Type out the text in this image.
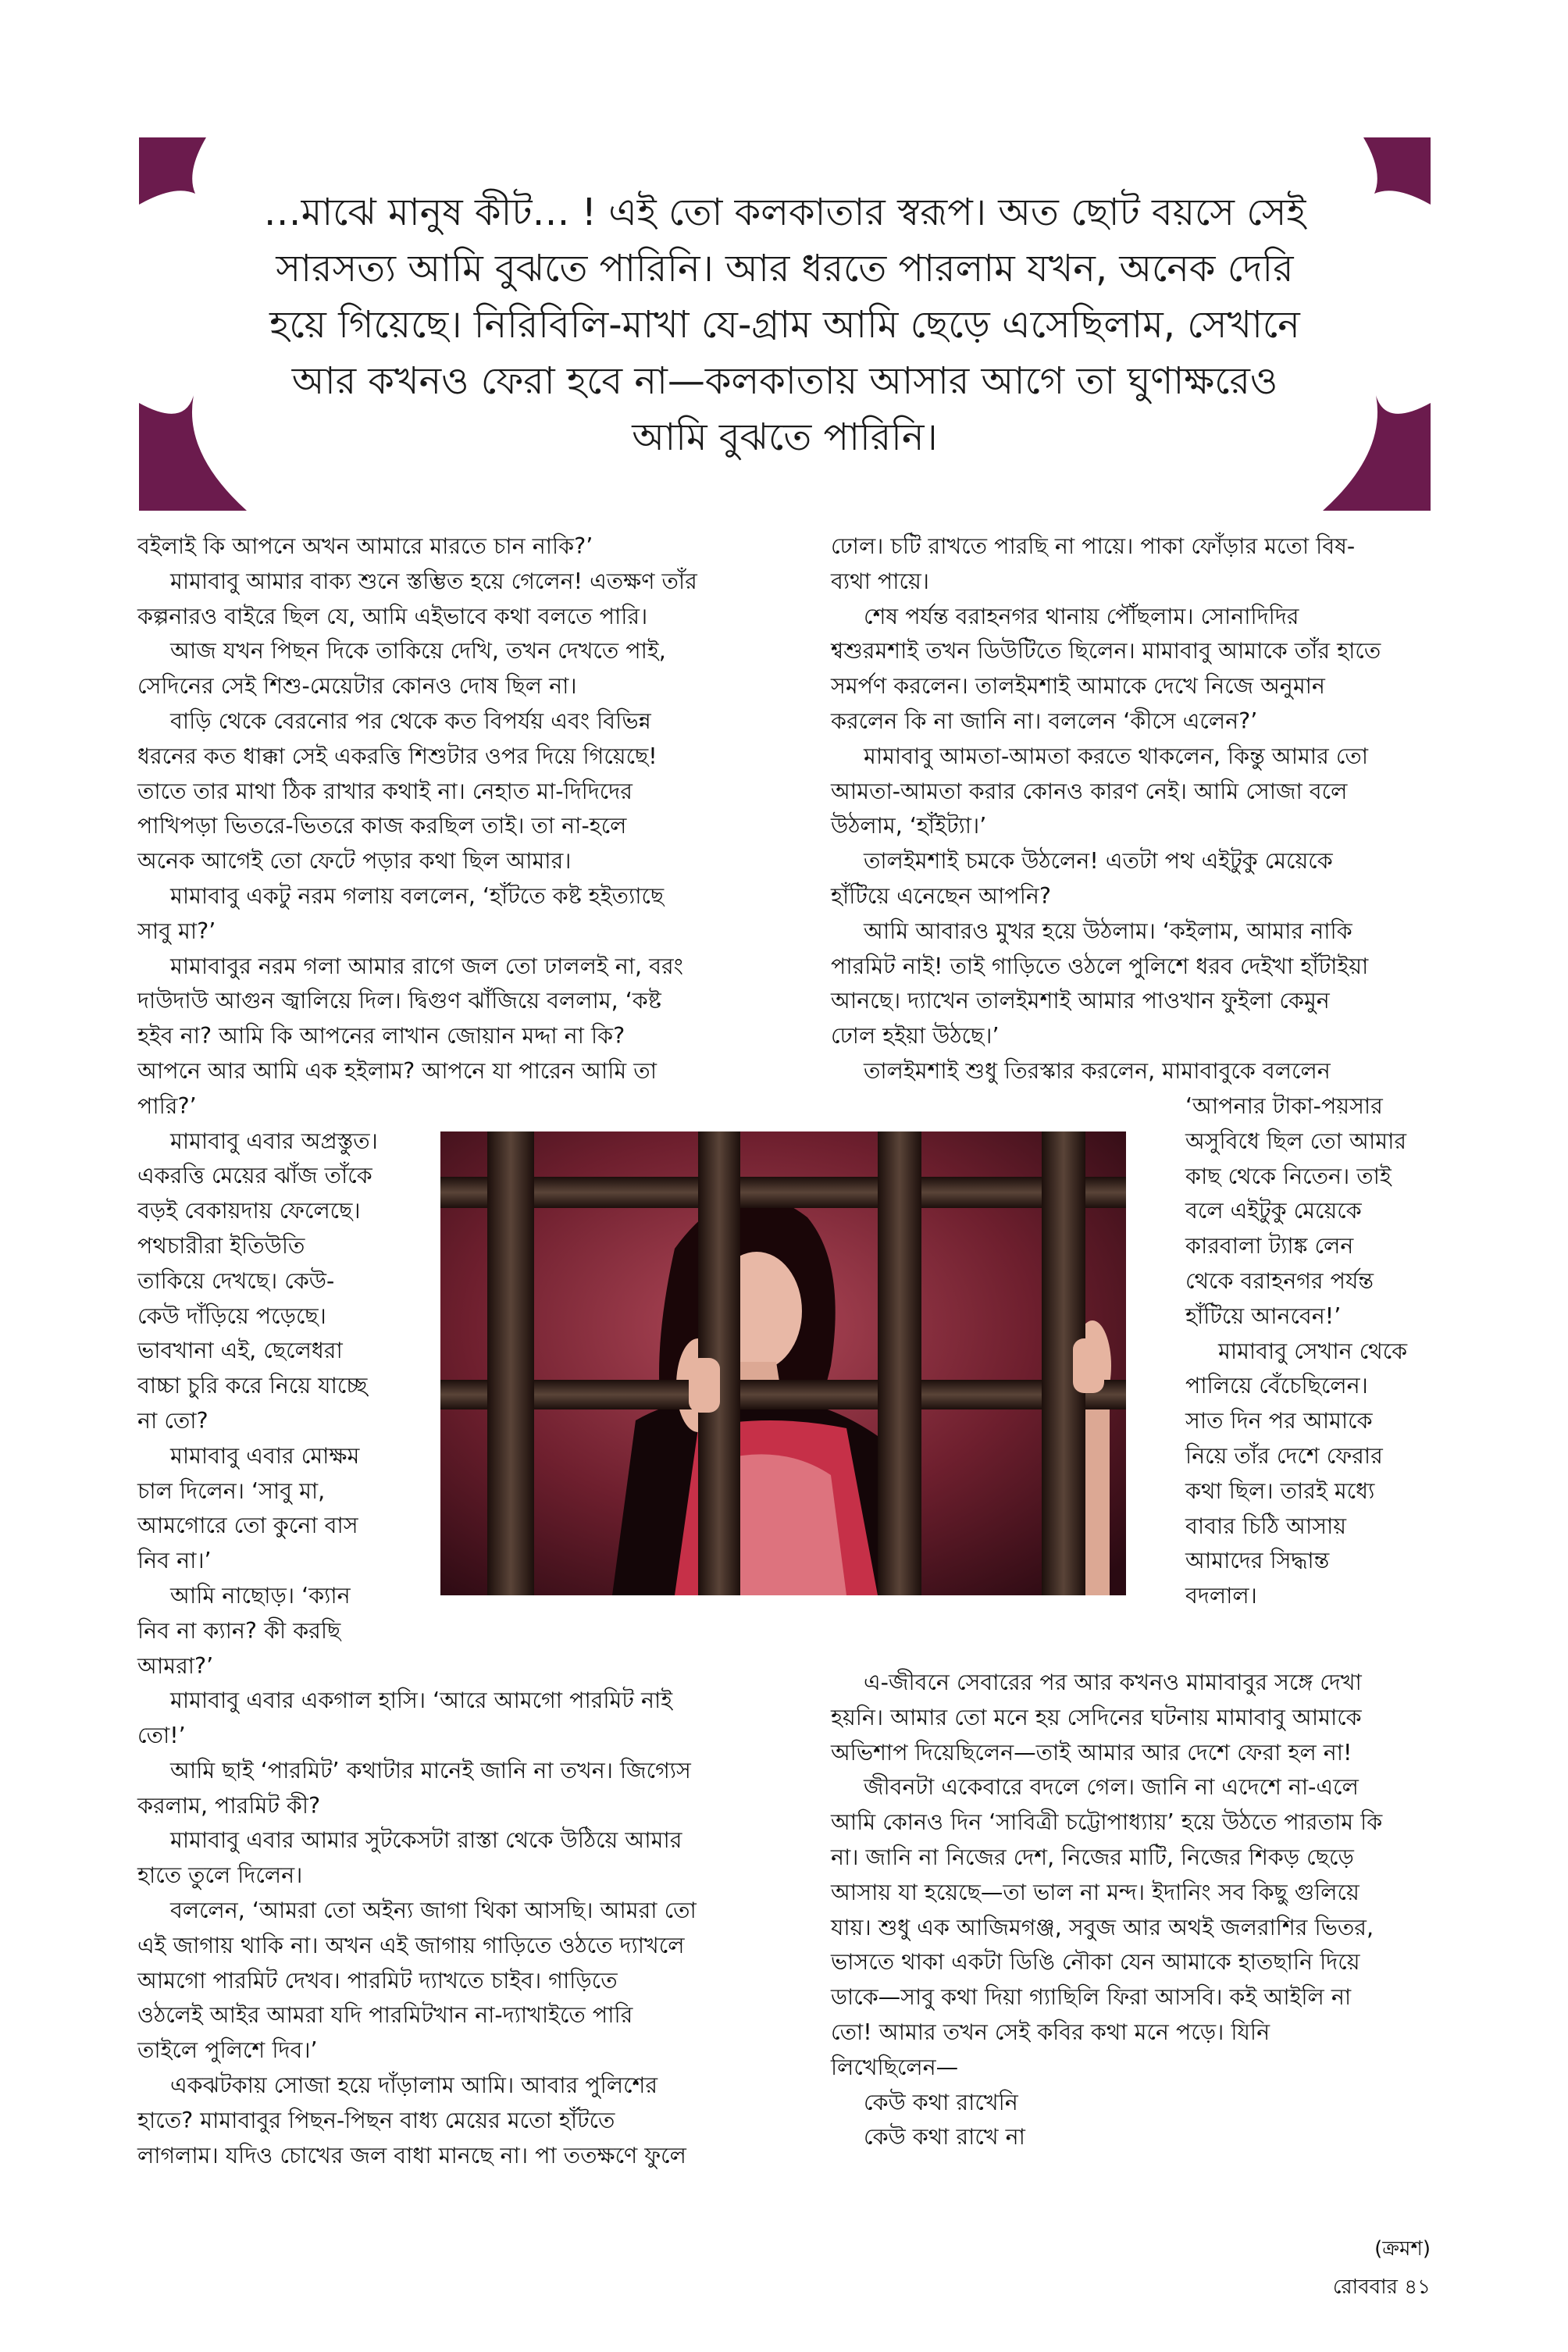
…মাঝে মানুষ কীট… ! এই তো কলকাতার স্বরূপ। অত ছোট বয়সে সেই
সারসত্য আমি বুঝতে পারিনি। আর ধরতে পারলাম যখন, অনেক দেরি
হয়ে গিয়েছে। নিরিবিলি-মাখা যে-গ্রাম আমি ছেড়ে এসেছিলাম, সেখানে
আর কখনও ফেরা হবে না—কলকাতায় আসার আগে তা ঘুণাক্ষরেও
আমি বুঝতে পারিনি।

বইলাই কি আপনে অখন আমারে মারতে চান নাকি?’

মামাবাবু আমার বাক্য শুনে স্তম্ভিত হয়ে গেলেন! এতক্ষণ তাঁর

কল্পনারও বাইরে ছিল যে, আমি এইভাবে কথা বলতে পারি।

আজ যখন পিছন দিকে তাকিয়ে দেখি, তখন দেখতে পাই,

সেদিনের সেই শিশু-মেয়েটার কোনও দোষ ছিল না।

বাড়ি থেকে বেরনোর পর থেকে কত বিপর্যয় এবং বিভিন্ন

ধরনের কত ধাক্কা সেই একরত্তি শিশুটার ওপর দিয়ে গিয়েছে!

তাতে তার মাথা ঠিক রাখার কথাই না। নেহাত মা-দিদিদের

পাখিপড়া ভিতরে-ভিতরে কাজ করছিল তাই। তা না-হলে

অনেক আগেই তো ফেটে পড়ার কথা ছিল আমার।

মামাবাবু একটু নরম গলায় বললেন, ‘হাঁটতে কষ্ট হইত্যাছে

সাবু মা?’

মামাবাবুর নরম গলা আমার রাগে জল তো ঢাললই না, বরং

দাউদাউ আগুন জ্বালিয়ে দিল। দ্বিগুণ ঝাঁজিয়ে বললাম, ‘কষ্ট

হইব না? আমি কি আপনের লাখান জোয়ান মদ্দা না কি?

আপনে আর আমি এক হইলাম? আপনে যা পারেন আমি তা

পারি?’

মামাবাবু এবার অপ্রস্তুত।

একরত্তি মেয়ের ঝাঁজ তাঁকে

বড়ই বেকায়দায় ফেলেছে।

পথচারীরা ইতিউতি

তাকিয়ে দেখছে। কেউ-

কেউ দাঁড়িয়ে পড়েছে।

ভাবখানা এই, ছেলেধরা

বাচ্চা চুরি করে নিয়ে যাচ্ছে

না তো?

মামাবাবু এবার মোক্ষম

চাল দিলেন। ‘সাবু মা,

আমগোরে তো কুনো বাস

নিব না।’

আমি নাছোড়। ‘ক্যান

নিব না ক্যান? কী করছি

আমরা?’

মামাবাবু এবার একগাল হাসি। ‘আরে আমগো পারমিট নাই

তো!’

আমি ছাই ‘পারমিট’ কথাটার মানেই জানি না তখন। জিগ্যেস

করলাম, পারমিট কী?

মামাবাবু এবার আমার সুটকেসটা রাস্তা থেকে উঠিয়ে আমার

হাতে তুলে দিলেন।

বললেন, ‘আমরা তো অইন্য জাগা থিকা আসছি। আমরা তো

এই জাগায় থাকি না। অখন এই জাগায় গাড়িতে ওঠতে দ্যাখলে

আমগো পারমিট দেখব। পারমিট দ্যাখতে চাইব। গাড়িতে

ওঠলেই আইর আমরা যদি পারমিটখান না-দ্যাখাইতে পারি

তাইলে পুলিশে দিব।’

একঝটকায় সোজা হয়ে দাঁড়ালাম আমি। আবার পুলিশের

হাতে? মামাবাবুর পিছন-পিছন বাধ্য মেয়ের মতো হাঁটতে

লাগলাম। যদিও চোখের জল বাধা মানছে না। পা ততক্ষণে ফুলে

ঢোল। চটি রাখতে পারছি না পায়ে। পাকা ফোঁড়ার মতো বিষ-

ব্যথা পায়ে।

শেষ পর্যন্ত বরাহনগর থানায় পৌঁছলাম। সোনাদিদির

শ্বশুরমশাই তখন ডিউটিতে ছিলেন। মামাবাবু আমাকে তাঁর হাতে

সমর্পণ করলেন। তালইমশাই আমাকে দেখে নিজে অনুমান

করলেন কি না জানি না। বললেন ‘কীসে এলেন?’

মামাবাবু আমতা-আমতা করতে থাকলেন, কিন্তু আমার তো

আমতা-আমতা করার কোনও কারণ নেই। আমি সোজা বলে

উঠলাম, ‘হাঁইট্যা।’

তালইমশাই চমকে উঠলেন! এতটা পথ এইটুকু মেয়েকে

হাঁটিয়ে এনেছেন আপনি?

আমি আবারও মুখর হয়ে উঠলাম। ‘কইলাম, আমার নাকি

পারমিট নাই! তাই গাড়িতে ওঠলে পুলিশে ধরব দেইখা হাঁটাইয়া

আনছে। দ্যাখেন তালইমশাই আমার পাওখান ফুইলা কেমুন

ঢোল হইয়া উঠছে।’

তালইমশাই শুধু তিরস্কার করলেন, মামাবাবুকে বললেন

‘আপনার টাকা-পয়সার

অসুবিধে ছিল তো আমার

কাছ থেকে নিতেন। তাই

বলে এইটুকু মেয়েকে

কারবালা ট্যাঙ্ক লেন

থেকে বরাহনগর পর্যন্ত

হাঁটিয়ে আনবেন!’

মামাবাবু সেখান থেকে

পালিয়ে বেঁচেছিলেন।

সাত দিন পর আমাকে

নিয়ে তাঁর দেশে ফেরার

কথা ছিল। তারই মধ্যে

বাবার চিঠি আসায়

আমাদের সিদ্ধান্ত

বদলাল।

এ-জীবনে সেবারের পর আর কখনও মামাবাবুর সঙ্গে দেখা

হয়নি। আমার তো মনে হয় সেদিনের ঘটনায় মামাবাবু আমাকে

অভিশাপ দিয়েছিলেন—তাই আমার আর দেশে ফেরা হল না!

জীবনটা একেবারে বদলে গেল। জানি না এদেশে না-এলে

আমি কোনও দিন ‘সাবিত্রী চট্টোপাধ্যায়’ হয়ে উঠতে পারতাম কি

না। জানি না নিজের দেশ, নিজের মাটি, নিজের শিকড় ছেড়ে

আসায় যা হয়েছে—তা ভাল না মন্দ। ইদানিং সব কিছু গুলিয়ে

যায়। শুধু এক আজিমগঞ্জ, সবুজ আর অথই জলরাশির ভিতর,

ভাসতে থাকা একটা ডিঙি নৌকা যেন আমাকে হাতছানি দিয়ে

ডাকে—সাবু কথা দিয়া গ্যাছিলি ফিরা আসবি। কই আইলি না

তো! আমার তখন সেই কবির কথা মনে পড়ে। যিনি

লিখেছিলেন—

কেউ কথা রাখেনি

কেউ কথা রাখে না

(ক্রমশ)
রোববার ৪১
